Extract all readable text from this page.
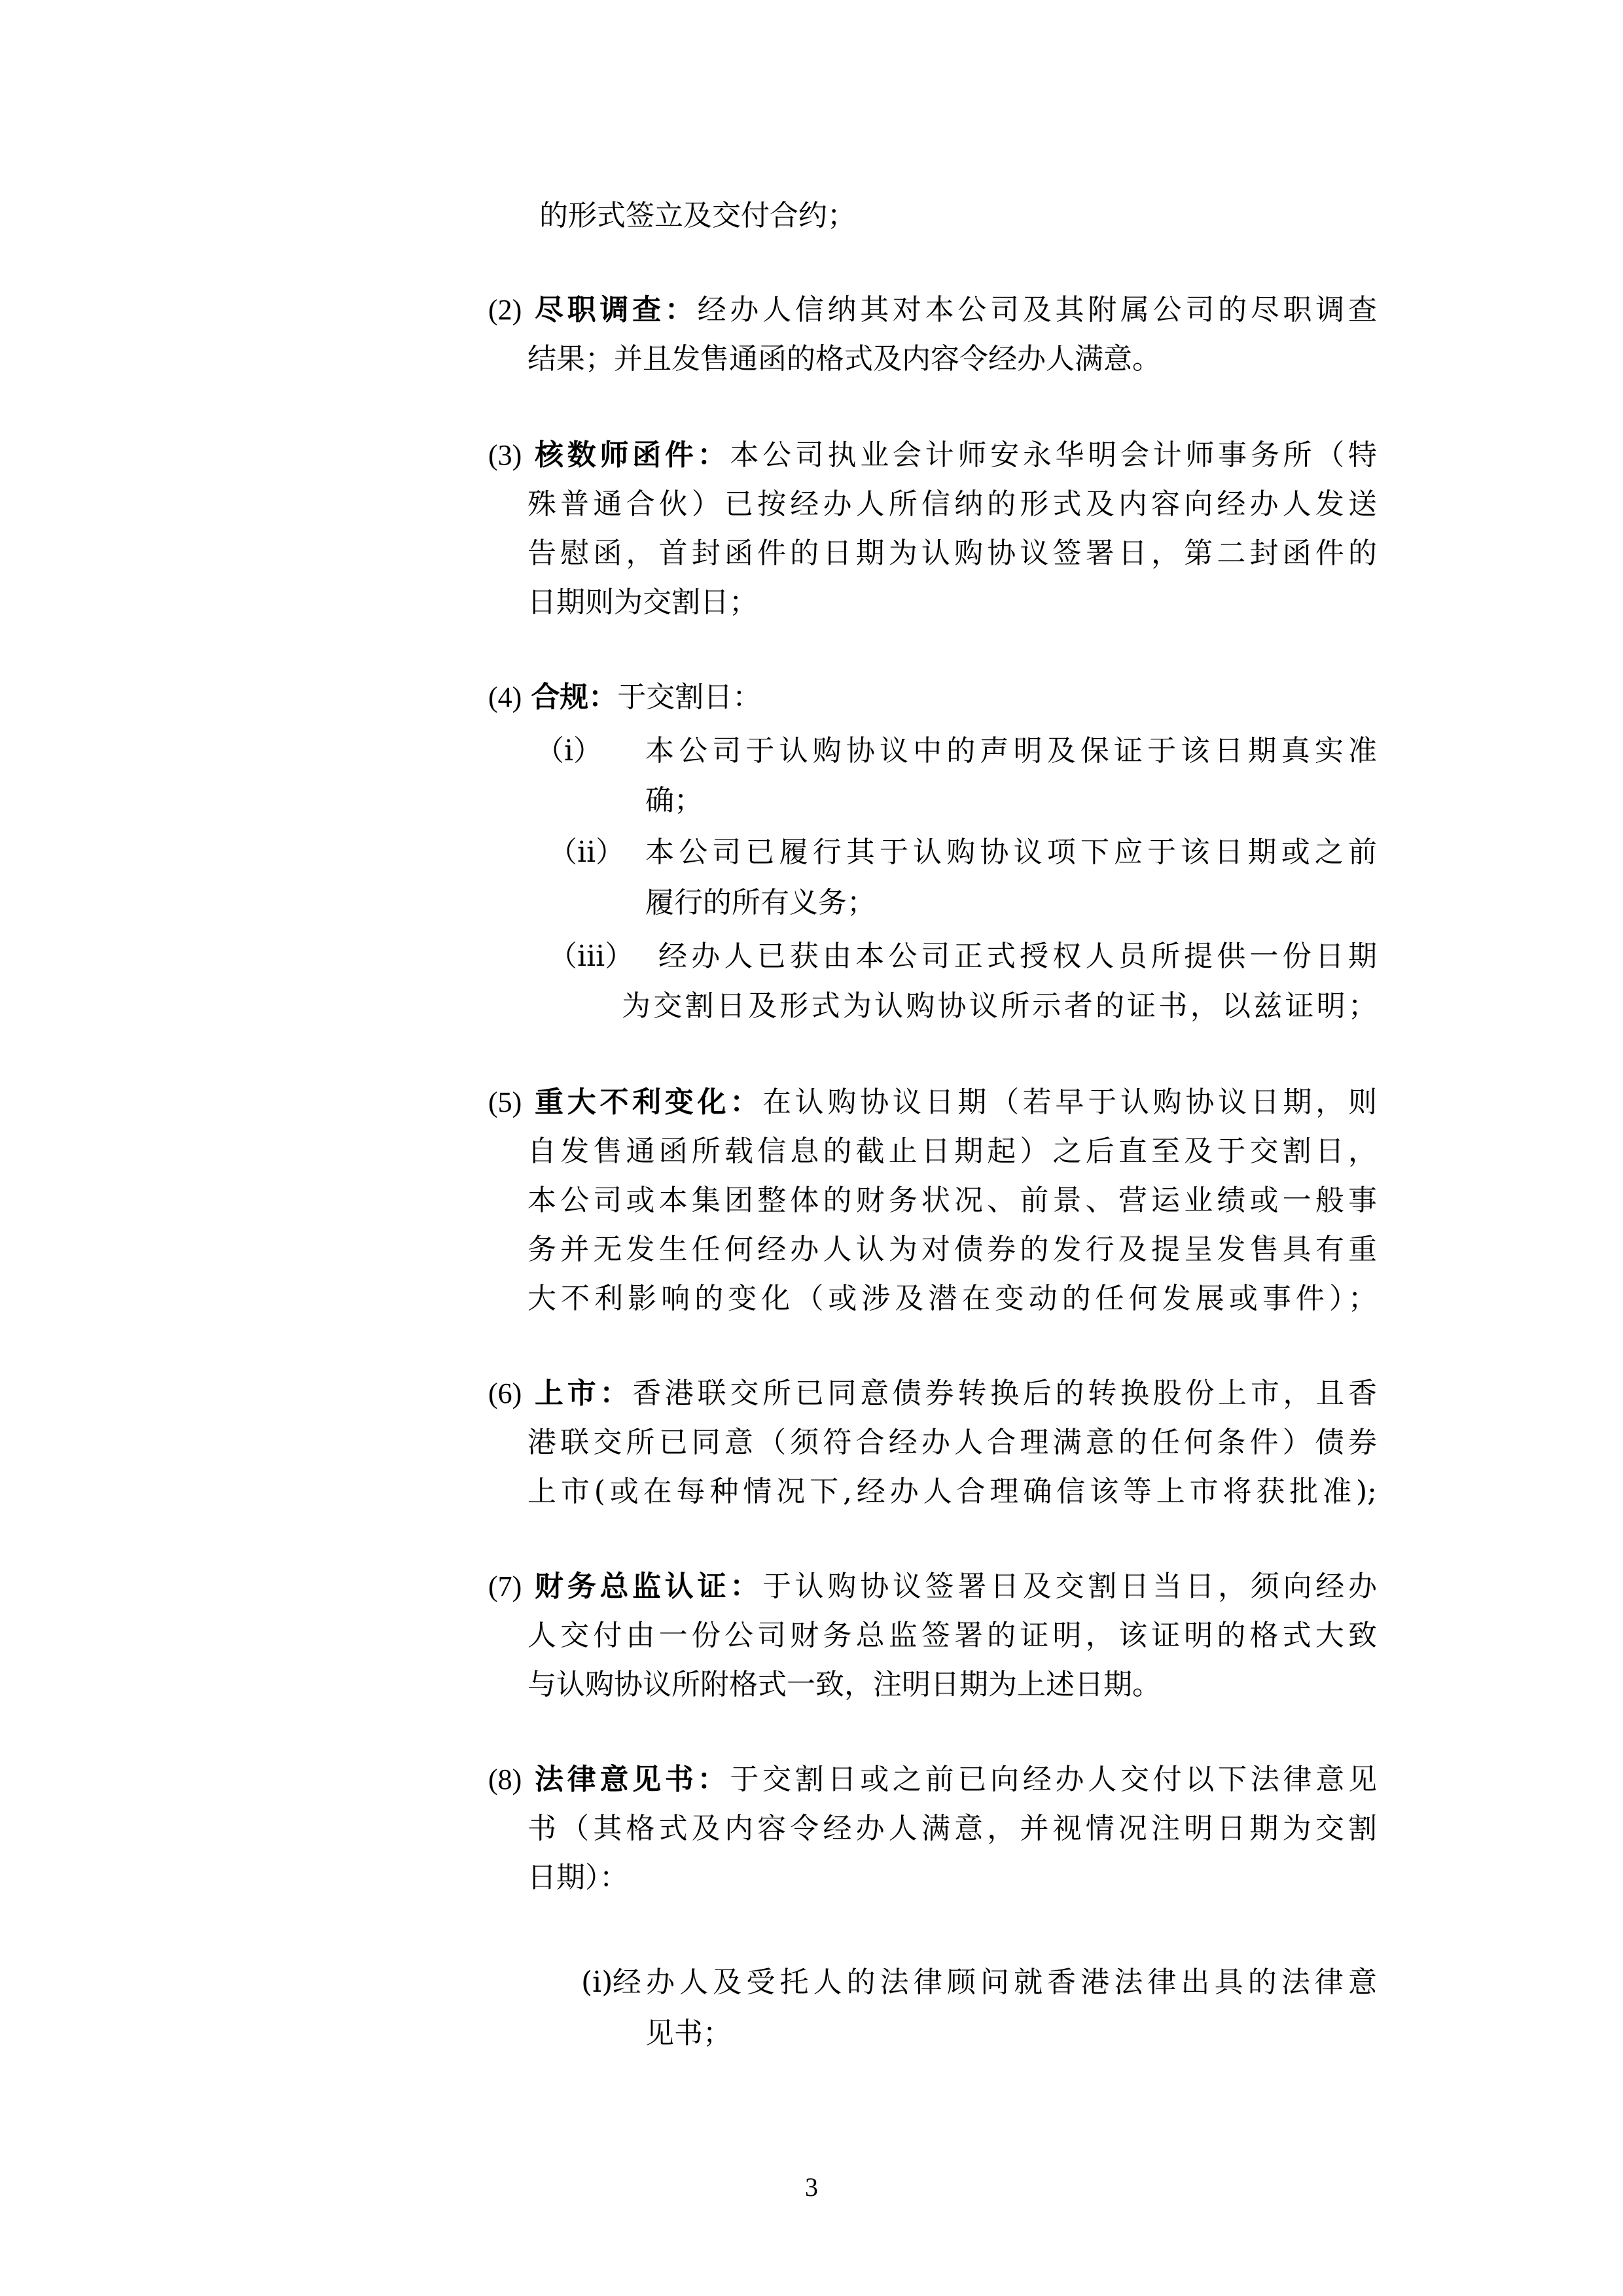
的形式签立及交付合约；

(2) 尽职调查：经办人信纳其对本公司及其附属公司的尽职调查

结果；并且发售通函的格式及内容令经办人满意。

(3) 核数师函件：本公司执业会计师安永华明会计师事务所（特

殊普通合伙）已按经办人所信纳的形式及内容向经办人发送

告慰函，首封函件的日期为认购协议签署日，第二封函件的

日期则为交割日；

(4) 合规：于交割日：

（i） 本公司于认购协议中的声明及保证于该日期真实准

确；

（ii） 本公司已履行其于认购协议项下应于该日期或之前

履行的所有义务；

（iii） 经办人已获由本公司正式授权人员所提供一份日期

为交割日及形式为认购协议所示者的证书，以兹证明；

(5) 重大不利变化：在认购协议日期（若早于认购协议日期，则

自发售通函所载信息的截止日期起）之后直至及于交割日，

本公司或本集团整体的财务状况、前景、营运业绩或一般事

务并无发生任何经办人认为对债券的发行及提呈发售具有重

大不利影响的变化（或涉及潜在变动的任何发展或事件）；

(6) 上市：香港联交所已同意债券转换后的转换股份上市，且香

港联交所已同意（须符合经办人合理满意的任何条件）债券

上市(或在每种情况下,经办人合理确信该等上市将获批准);

(7) 财务总监认证：于认购协议签署日及交割日当日，须向经办

人交付由一份公司财务总监签署的证明，该证明的格式大致

与认购协议所附格式一致，注明日期为上述日期。

(8) 法律意见书：于交割日或之前已向经办人交付以下法律意见

书（其格式及内容令经办人满意，并视情况注明日期为交割

日期）：

(i) 经办人及受托人的法律顾问就香港法律出具的法律意

见书；

3
